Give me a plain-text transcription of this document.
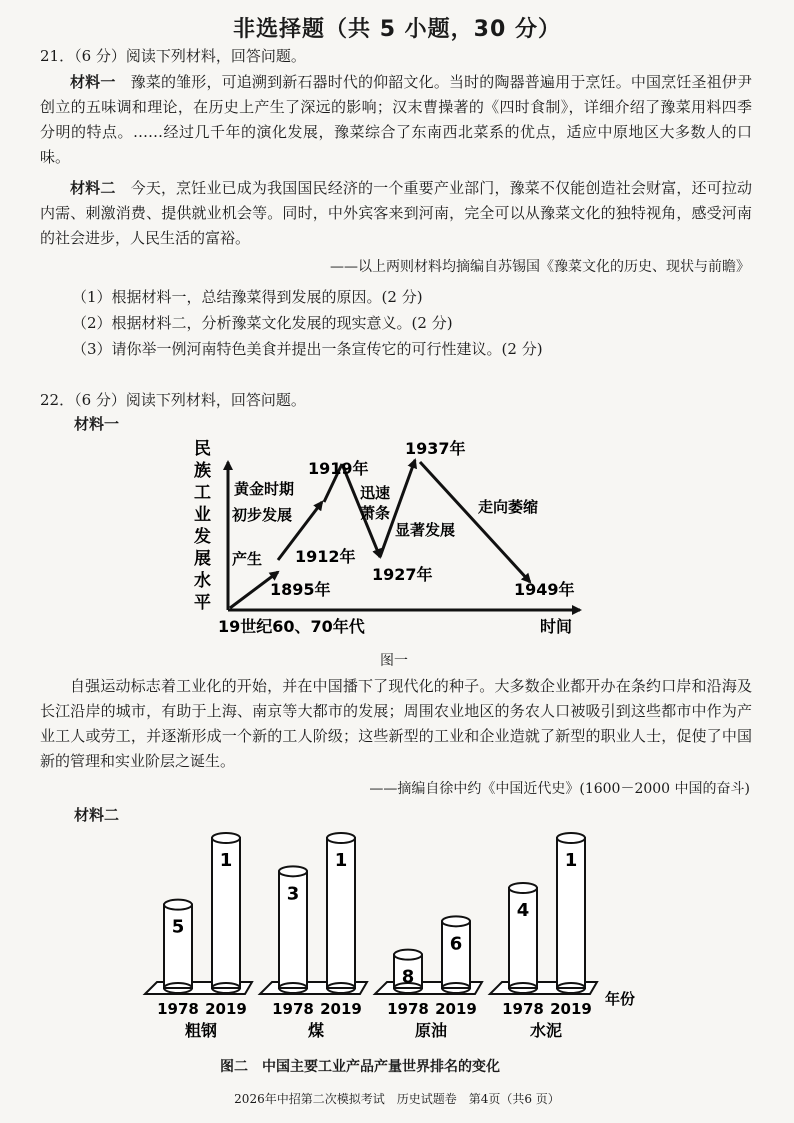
非选择题（共 5 小题，30 分）
21．（6 分）阅读下列材料，回答问题。
材料一　 豫菜的雏形，可追溯到新石器时代的仰韶文化。当时的陶器普遍用于烹饪。中国烹饪圣祖伊尹创立的五味调和理论，在历史上产生了深远的影响；汉末曹操著的《四时食制》，详细介绍了豫菜用料四季分明的特点。……经过几千年的演化发展，豫菜综合了东南西北菜系的优点，适应中原地区大多数人的口味。
材料二　 今天，烹饪业已成为我国国民经济的一个重要产业部门，豫菜不仅能创造社会财富，还可拉动内需、刺激消费、提供就业机会等。同时，中外宾客来到河南，完全可以从豫菜文化的独特视角，感受河南的社会进步，人民生活的富裕。
——以上两则材料均摘编自苏锡国《豫菜文化的历史、现状与前瞻》
（1）根据材料一，总结豫菜得到发展的原因。(2 分)
（2）根据材料二，分析豫菜文化发展的现实意义。(2 分)
（3）请你举一例河南特色美食并提出一条宣传它的可行性建议。(2 分)
22．（6 分）阅读下列材料，回答问题。
材料一
民
族
工
业
发
展
水
平
1895年
1912年
1919年
1927年
1937年
1949年
产生
初步发展
黄金时期	迅速
萧条
显著发展
走向萎缩
19世纪60、70年代	时间
图一
自强运动标志着工业化的开始，并在中国播下了现代化的种子。大多数企业都开办在条约口岸和沿海及长江沿岸的城市，有助于上海、南京等大都市的发展；周围农业地区的务农人口被吸引到这些都市中作为产业工人或劳工，并逐渐形成一个新的工人阶级；这些新型的工业和企业造就了新型的职业人士，促使了中国新的管理和实业阶层之诞生。
——摘编自徐中约《中国近代史》(1600－2000 中国的奋斗)
材料二
5
1978
1
2019
粗钢
3
1978
1
2019
煤
8
1978
6
2019
原油
4
1978
1
2019
水泥
年份
图二　中国主要工业产品产量世界排名的变化
2026年中招第二次模拟考试　历史试题卷　第4页（共6 页）
